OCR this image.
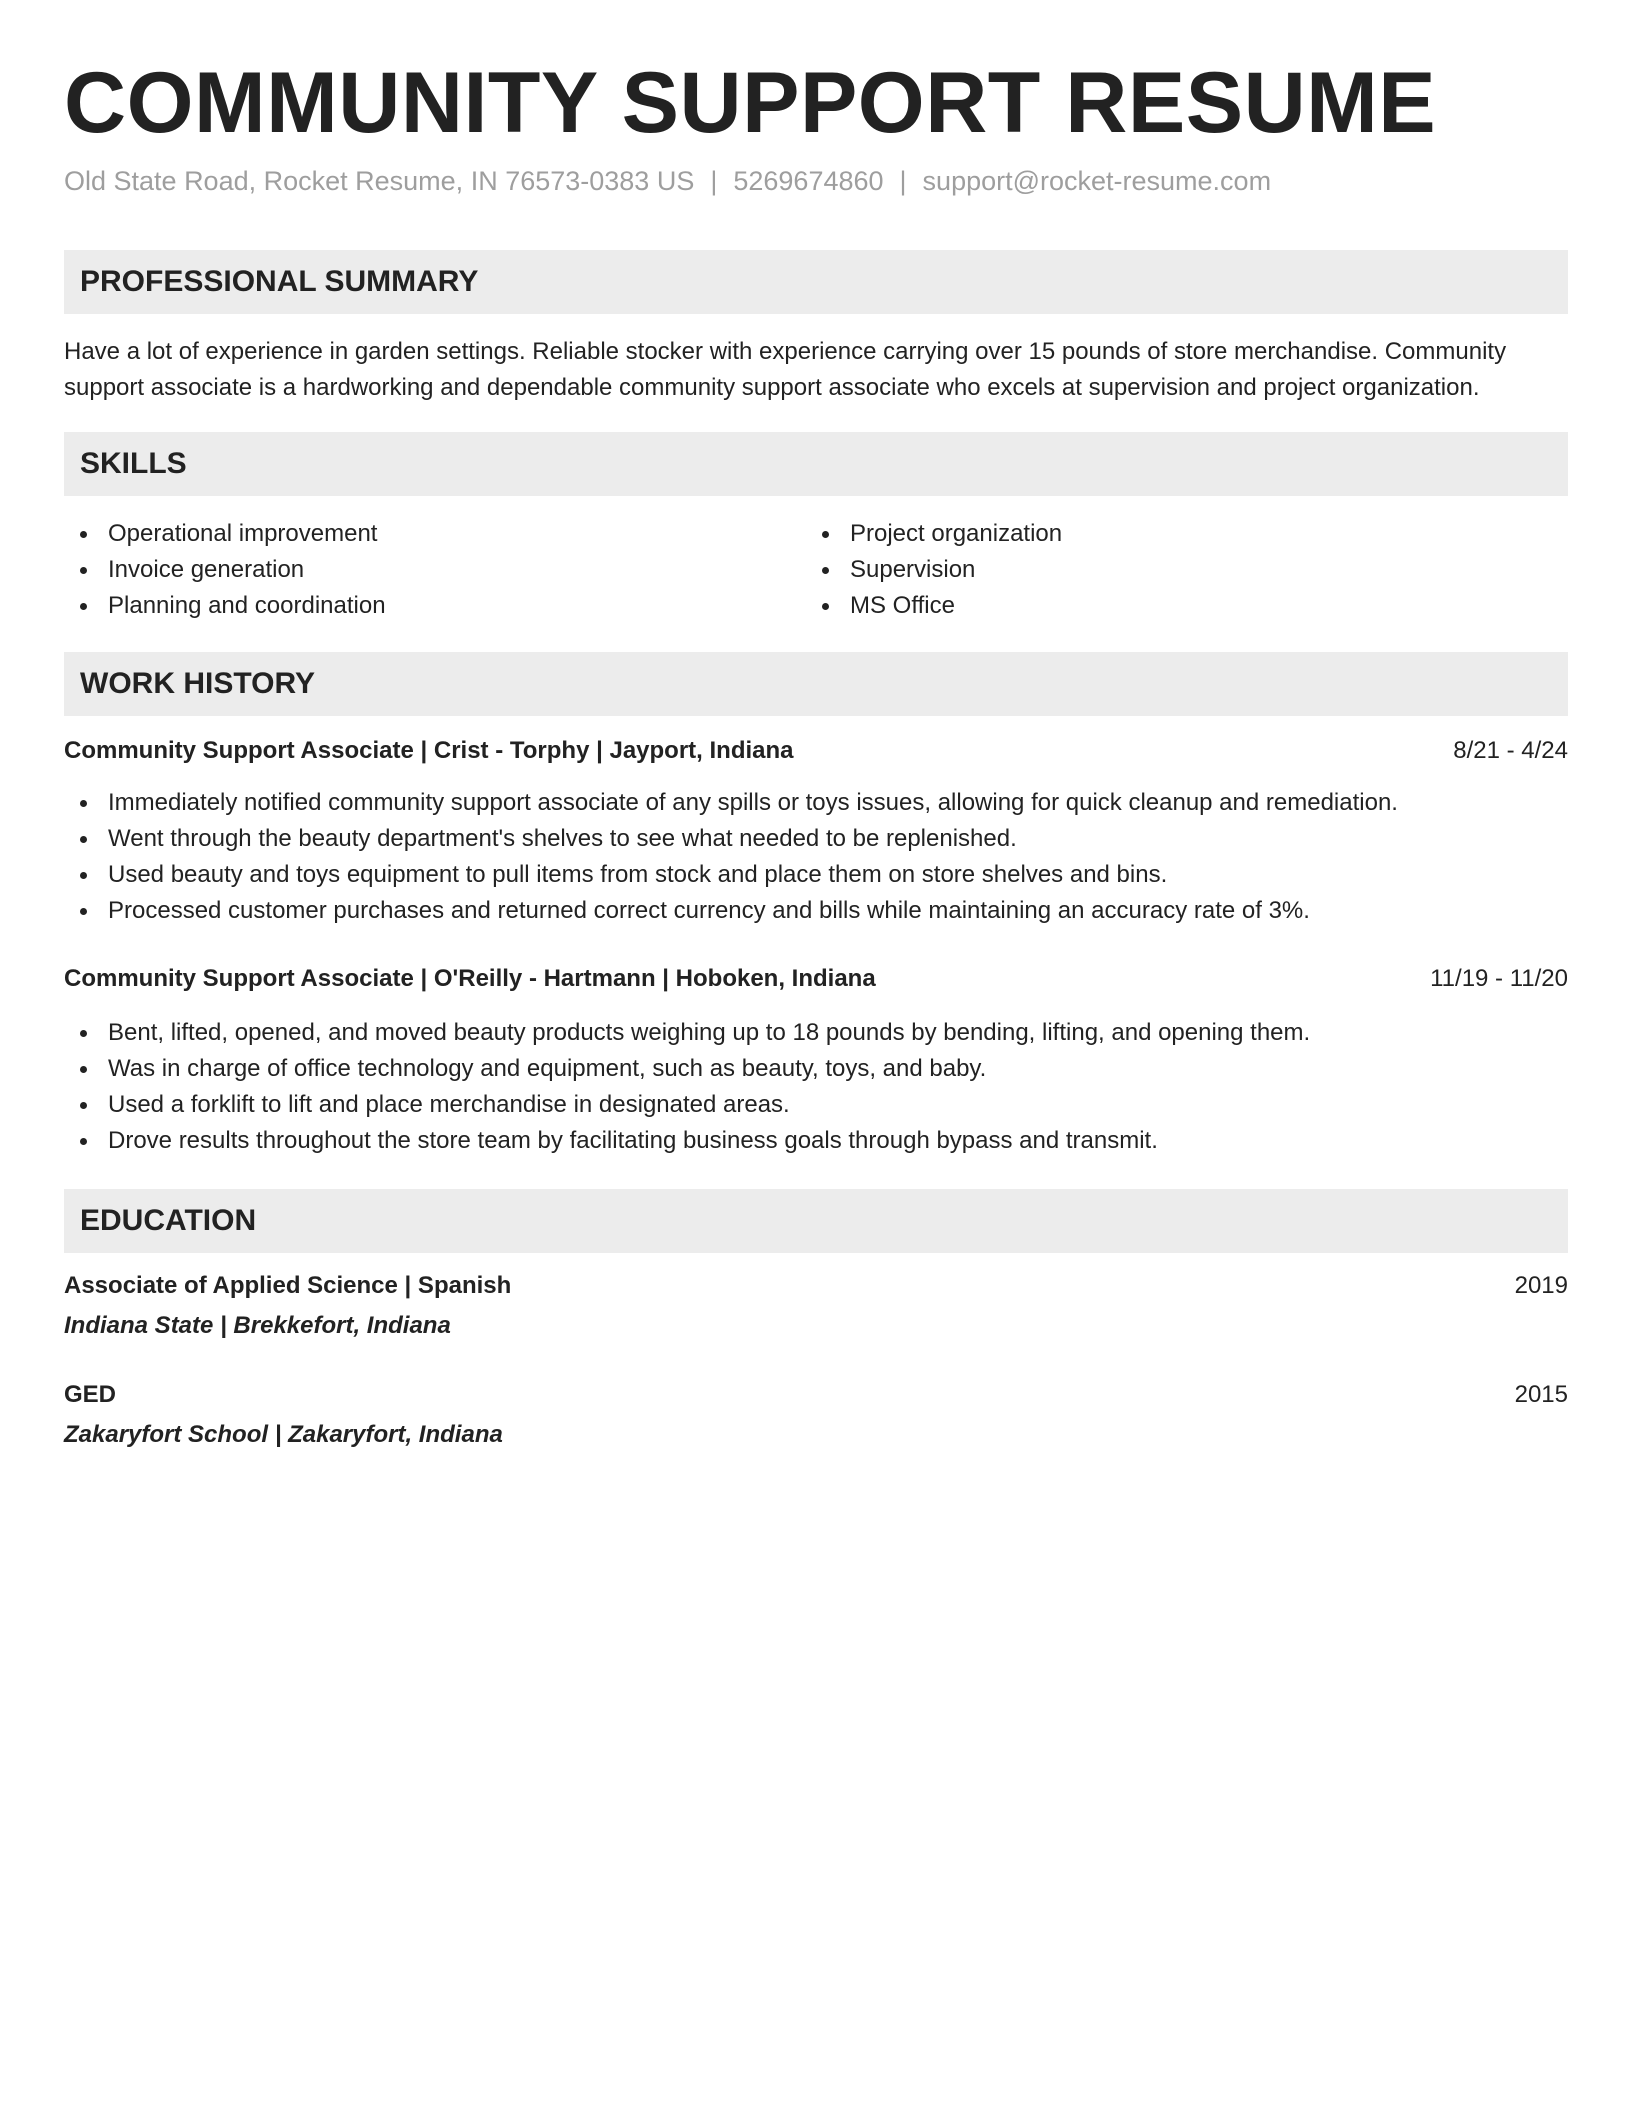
COMMUNITY SUPPORT RESUME
Old State Road, Rocket Resume, IN 76573-0383 US | 5269674860 | support@rocket-resume.com
PROFESSIONAL SUMMARY

Have a lot of experience in garden settings. Reliable stocker with experience carrying over 15 pounds of store merchandise. Community support associate is a hardworking and dependable community support associate who excels at supervision and project organization.

SKILLS
Operational improvement
Invoice generation
Planning and coordination
Project organization
Supervision
MS Office
WORK HISTORY
Community Support Associate | Crist - Torphy | Jayport, Indiana	8/21 - 4/24
Immediately notified community support associate of any spills or toys issues, allowing for quick cleanup and remediation.
Went through the beauty department's shelves to see what needed to be replenished.
Used beauty and toys equipment to pull items from stock and place them on store shelves and bins.
Processed customer purchases and returned correct currency and bills while maintaining an accuracy rate of 3%.
Community Support Associate | O'Reilly - Hartmann | Hoboken, Indiana	11/19 - 11/20
Bent, lifted, opened, and moved beauty products weighing up to 18 pounds by bending, lifting, and opening them.
Was in charge of office technology and equipment, such as beauty, toys, and baby.
Used a forklift to lift and place merchandise in designated areas.
Drove results throughout the store team by facilitating business goals through bypass and transmit.
EDUCATION
Associate of Applied Science | Spanish	2019
Indiana State | Brekkefort, Indiana
GED	2015
Zakaryfort School | Zakaryfort, Indiana
